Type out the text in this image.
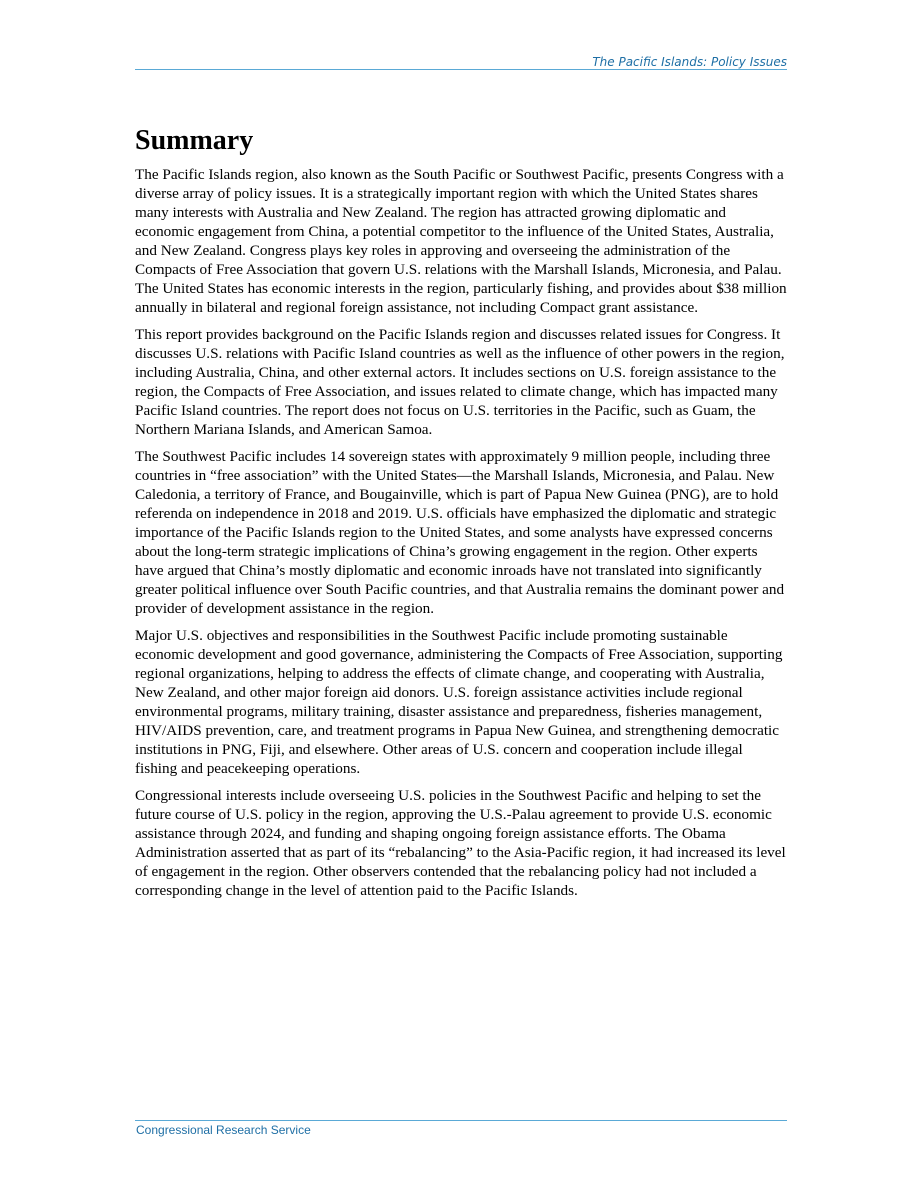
The Pacific Islands: Policy Issues
Summary

The Pacific Islands region, also known as the South Pacific or Southwest Pacific, presents Congress with a diverse array of policy issues. It is a strategically important region with which the United States shares many interests with Australia and New Zealand. The region has attracted growing diplomatic and economic engagement from China, a potential competitor to the influence of the United States, Australia, and New Zealand. Congress plays key roles in approving and overseeing the administration of the Compacts of Free Association that govern U.S. relations with the Marshall Islands, Micronesia, and Palau. The United States has economic interests in the region, particularly fishing, and provides about $38 million annually in bilateral and regional foreign assistance, not including Compact grant assistance.

This report provides background on the Pacific Islands region and discusses related issues for Congress. It discusses U.S. relations with Pacific Island countries as well as the influence of other powers in the region, including Australia, China, and other external actors. It includes sections on U.S. foreign assistance to the region, the Compacts of Free Association, and issues related to climate change, which has impacted many Pacific Island countries. The report does not focus on U.S. territories in the Pacific, such as Guam, the Northern Mariana Islands, and American Samoa.

The Southwest Pacific includes 14 sovereign states with approximately 9 million people, including three countries in “free association” with the United States—the Marshall Islands, Micronesia, and Palau. New Caledonia, a territory of France, and Bougainville, which is part of Papua New Guinea (PNG), are to hold referenda on independence in 2018 and 2019. U.S. officials have emphasized the diplomatic and strategic importance of the Pacific Islands region to the United States, and some analysts have expressed concerns about the long-term strategic implications of China’s growing engagement in the region. Other experts have argued that China’s mostly diplomatic and economic inroads have not translated into significantly greater political influence over South Pacific countries, and that Australia remains the dominant power and provider of development assistance in the region.

Major U.S. objectives and responsibilities in the Southwest Pacific include promoting sustainable economic development and good governance, administering the Compacts of Free Association, supporting regional organizations, helping to address the effects of climate change, and cooperating with Australia, New Zealand, and other major foreign aid donors. U.S. foreign assistance activities include regional environmental programs, military training, disaster assistance and preparedness, fisheries management, HIV/AIDS prevention, care, and treatment programs in Papua New Guinea, and strengthening democratic institutions in PNG, Fiji, and elsewhere. Other areas of U.S. concern and cooperation include illegal fishing and peacekeeping operations.

Congressional interests include overseeing U.S. policies in the Southwest Pacific and helping to set the future course of U.S. policy in the region, approving the U.S.-Palau agreement to provide U.S. economic assistance through 2024, and funding and shaping ongoing foreign assistance efforts. The Obama Administration asserted that as part of its “rebalancing” to the Asia-Pacific region, it had increased its level of engagement in the region. Other observers contended that the rebalancing policy had not included a corresponding change in the level of attention paid to the Pacific Islands.

Congressional Research Service
